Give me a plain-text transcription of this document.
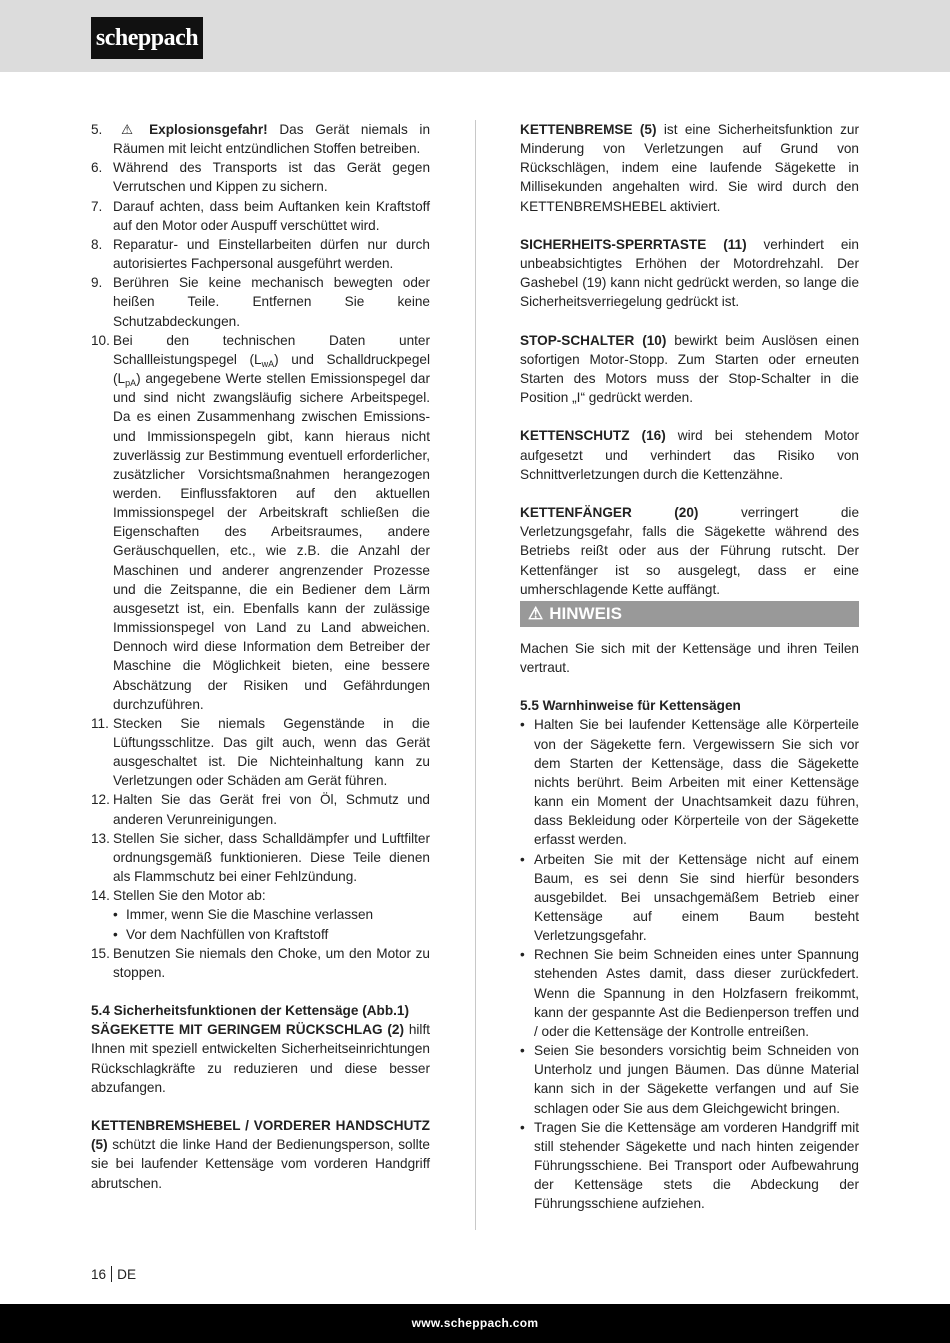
scheppach
5. ⚠ Explosionsgefahr! Das Gerät niemals in Räumen mit leicht entzündlichen Stoffen betreiben.
6. Während des Transports ist das Gerät gegen Verrutschen und Kippen zu sichern.
7. Darauf achten, dass beim Auftanken kein Kraftstoff auf den Motor oder Auspuff verschüttet wird.
8. Reparatur- und Einstellarbeiten dürfen nur durch autorisiertes Fachpersonal ausgeführt werden.
9. Berühren Sie keine mechanisch bewegten oder heißen Teile. Entfernen Sie keine Schutzabdeckungen.
10. Bei den technischen Daten unter Schallleistungspegel $(L_{wA})$ und Schalldruckpegel $(L_{pA})$ angegebene Werte stellen Emissionspegel dar und sind nicht zwangsläufig sichere Arbeitspegel. Da es einen Zusammenhang zwischen Emissions- und Immissionspegeln gibt, kann hieraus nicht zuverlässig zur Bestimmung eventuell erforderlicher, zusätzlicher Vorsichtsmaßnahmen herangezogen werden. Einflussfaktoren auf den aktuellen Immissionspegel der Arbeitskraft schließen die Eigenschaften des Arbeitsraumes, andere Geräuschquellen, etc., wie z.B. die Anzahl der Maschinen und anderer angrenzender Prozesse und die Zeitspanne, die ein Bediener dem Lärm ausgesetzt ist, ein. Ebenfalls kann der zulässige Immissionspegel von Land zu Land abweichen. Dennoch wird diese Information dem Betreiber der Maschine die Möglichkeit bieten, eine bessere Abschätzung der Risiken und Gefährdungen durchzuführen.
11. Stecken Sie niemals Gegenstände in die Lüftungsschlitze. Das gilt auch, wenn das Gerät ausgeschaltet ist. Die Nichteinhaltung kann zu Verletzungen oder Schäden am Gerät führen.
12. Halten Sie das Gerät frei von Öl, Schmutz und anderen Verunreinigungen.
13. Stellen Sie sicher, dass Schalldämpfer und Luftfilter ordnungsgemäß funktionieren. Diese Teile dienen als Flammschutz bei einer Fehlzündung.
14. Stellen Sie den Motor ab:
• Immer, wenn Sie die Maschine verlassen
• Vor dem Nachfüllen von Kraftstoff
15. Benutzen Sie niemals den Choke, um den Motor zu stoppen.
5.4 Sicherheitsfunktionen der Kettensäge (Abb.1)
SÄGEKETTE MIT GERINGEM RÜCKSCHLAG (2) hilft Ihnen mit speziell entwickelten Sicherheitseinrichtungen Rückschlagkräfte zu reduzieren und diese besser abzufangen.
KETTENBREMSHEBEL / VORDERER HANDSCHUTZ (5) schützt die linke Hand der Bedienungsperson, sollte sie bei laufender Kettensäge vom vorderen Handgriff abrutschen.
KETTENBREMSE (5) ist eine Sicherheitsfunktion zur Minderung von Verletzungen auf Grund von Rückschlägen, indem eine laufende Sägekette in Millisekunden angehalten wird. Sie wird durch den KETTENBREMSHEBEL aktiviert.
SICHERHEITS-SPERRTASTE (11) verhindert ein unbeabsichtigtes Erhöhen der Motordrehzahl. Der Gashebel (19) kann nicht gedrückt werden, so lange die Sicherheitsverriegelung gedrückt ist.
STOP-SCHALTER (10) bewirkt beim Auslösen einen sofortigen Motor-Stopp. Zum Starten oder erneuten Starten des Motors muss der Stop-Schalter in die Position „I“ gedrückt werden.
KETTENSCHUTZ (16) wird bei stehendem Motor aufgesetzt und verhindert das Risiko von Schnittverletzungen durch die Kettenzähne.
KETTENFÄNGER (20) verringert die Verletzungsgefahr, falls die Sägekette während des Betriebs reißt oder aus der Führung rutscht. Der Kettenfänger ist so ausgelegt, dass er eine umherschlagende Kette auffängt.
⚠ HINWEIS
Machen Sie sich mit der Kettensäge und ihren Teilen vertraut.
5.5 Warnhinweise für Kettensägen
• Halten Sie bei laufender Kettensäge alle Körperteile von der Sägekette fern. Vergewissern Sie sich vor dem Starten der Kettensäge, dass die Sägekette nichts berührt. Beim Arbeiten mit einer Kettensäge kann ein Moment der Unachtsamkeit dazu führen, dass Bekleidung oder Körperteile von der Sägekette erfasst werden.
• Arbeiten Sie mit der Kettensäge nicht auf einem Baum, es sei denn Sie sind hierfür besonders ausgebildet. Bei unsachgemäßem Betrieb einer Kettensäge auf einem Baum besteht Verletzungsgefahr.
• Rechnen Sie beim Schneiden eines unter Spannung stehenden Astes damit, dass dieser zurückfedert. Wenn die Spannung in den Holzfasern freikommt, kann der gespannte Ast die Bedienperson treffen und / oder die Kettensäge der Kontrolle entreißen.
• Seien Sie besonders vorsichtig beim Schneiden von Unterholz und jungen Bäumen. Das dünne Material kann sich in der Sägekette verfangen und auf Sie schlagen oder Sie aus dem Gleichgewicht bringen.
• Tragen Sie die Kettensäge am vorderen Handgriff mit still stehender Sägekette und nach hinten zeigender Führungsschiene. Bei Transport oder Aufbewahrung der Kettensäge stets die Abdeckung der Führungsschiene aufziehen.
16 DE
www.scheppach.com
